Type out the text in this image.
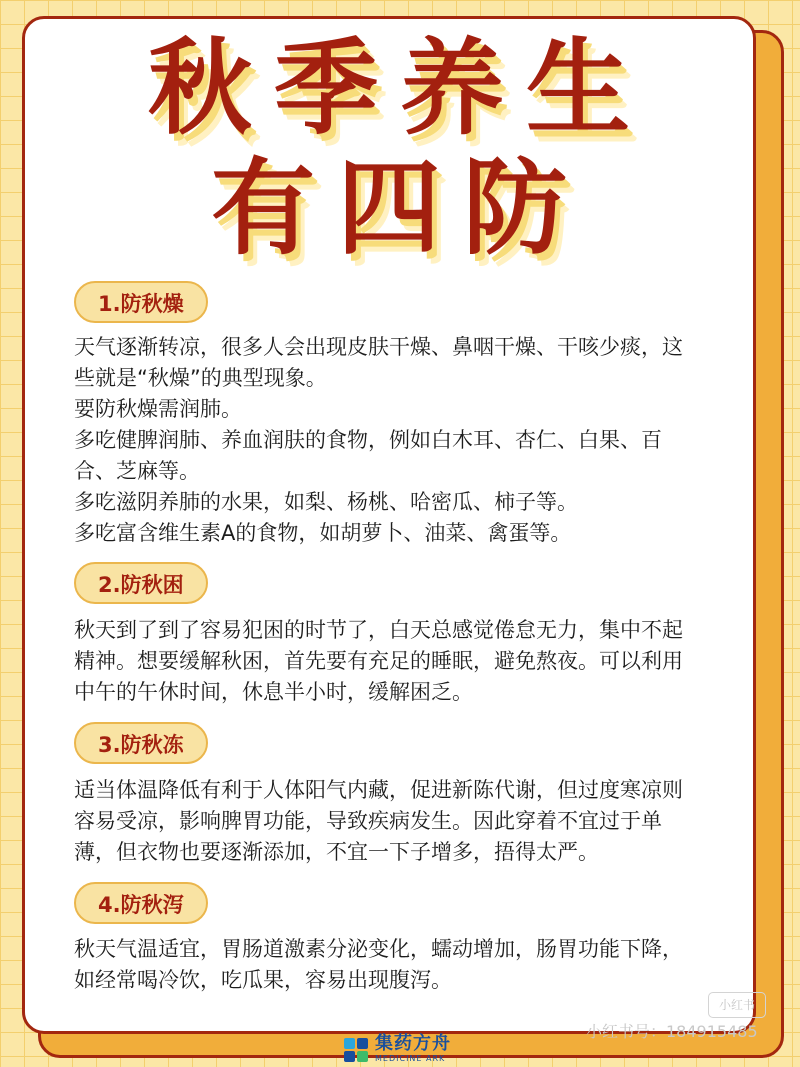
秋季养生
有四防
1.防秋燥
天气逐渐转凉，很多人会出现皮肤干燥、鼻咽干燥、干咳少痰，这
些就是“秋燥”的典型现象。
要防秋燥需润肺。
多吃健脾润肺、养血润肤的食物，例如白木耳、杏仁、白果、百
合、芝麻等。
多吃滋阴养肺的水果，如梨、杨桃、哈密瓜、柿子等。
多吃富含维生素A的食物，如胡萝卜、油菜、禽蛋等。
2.防秋困
秋天到了到了容易犯困的时节了，白天总感觉倦怠无力，集中不起
精神。想要缓解秋困，首先要有充足的睡眠，避免熬夜。可以利用
中午的午休时间，休息半小时，缓解困乏。
3.防秋冻
适当体温降低有利于人体阳气内藏，促进新陈代谢，但过度寒凉则
容易受凉，影响脾胃功能，导致疾病发生。因此穿着不宜过于单
薄，但衣物也要逐渐添加，不宜一下子增多，捂得太严。
4.防秋泻
秋天气温适宜，胃肠道激素分泌变化，蠕动增加，肠胃功能下降，
如经常喝冷饮，吃瓜果，容易出现腹泻。
小红书
小红书号：184915485
集药方舟
MEDICINE ARK
